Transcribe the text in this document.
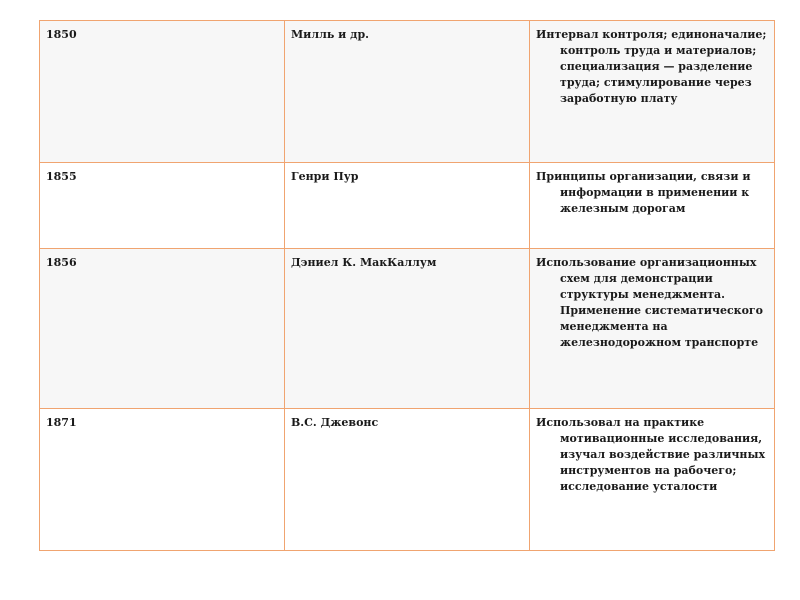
1850	Милль и др.	Интервал контроля; единоначалие; контроль труда и материалов; специализация — разделение труда; стимулирование через заработную плату
1855	Генри Пур	Принципы организации, связи и информации в применении к железным дорогам
1856	Дэниел К. МакКаллум	Использование организационных схем для демонстрации структуры менеджмента. Применение систематического менеджмента на железнодорожном транспорте
1871	В.С. Джевонс	Использовал на практике мотивационные исследования, изучал воздействие различных инструментов на рабочего; исследование усталости
